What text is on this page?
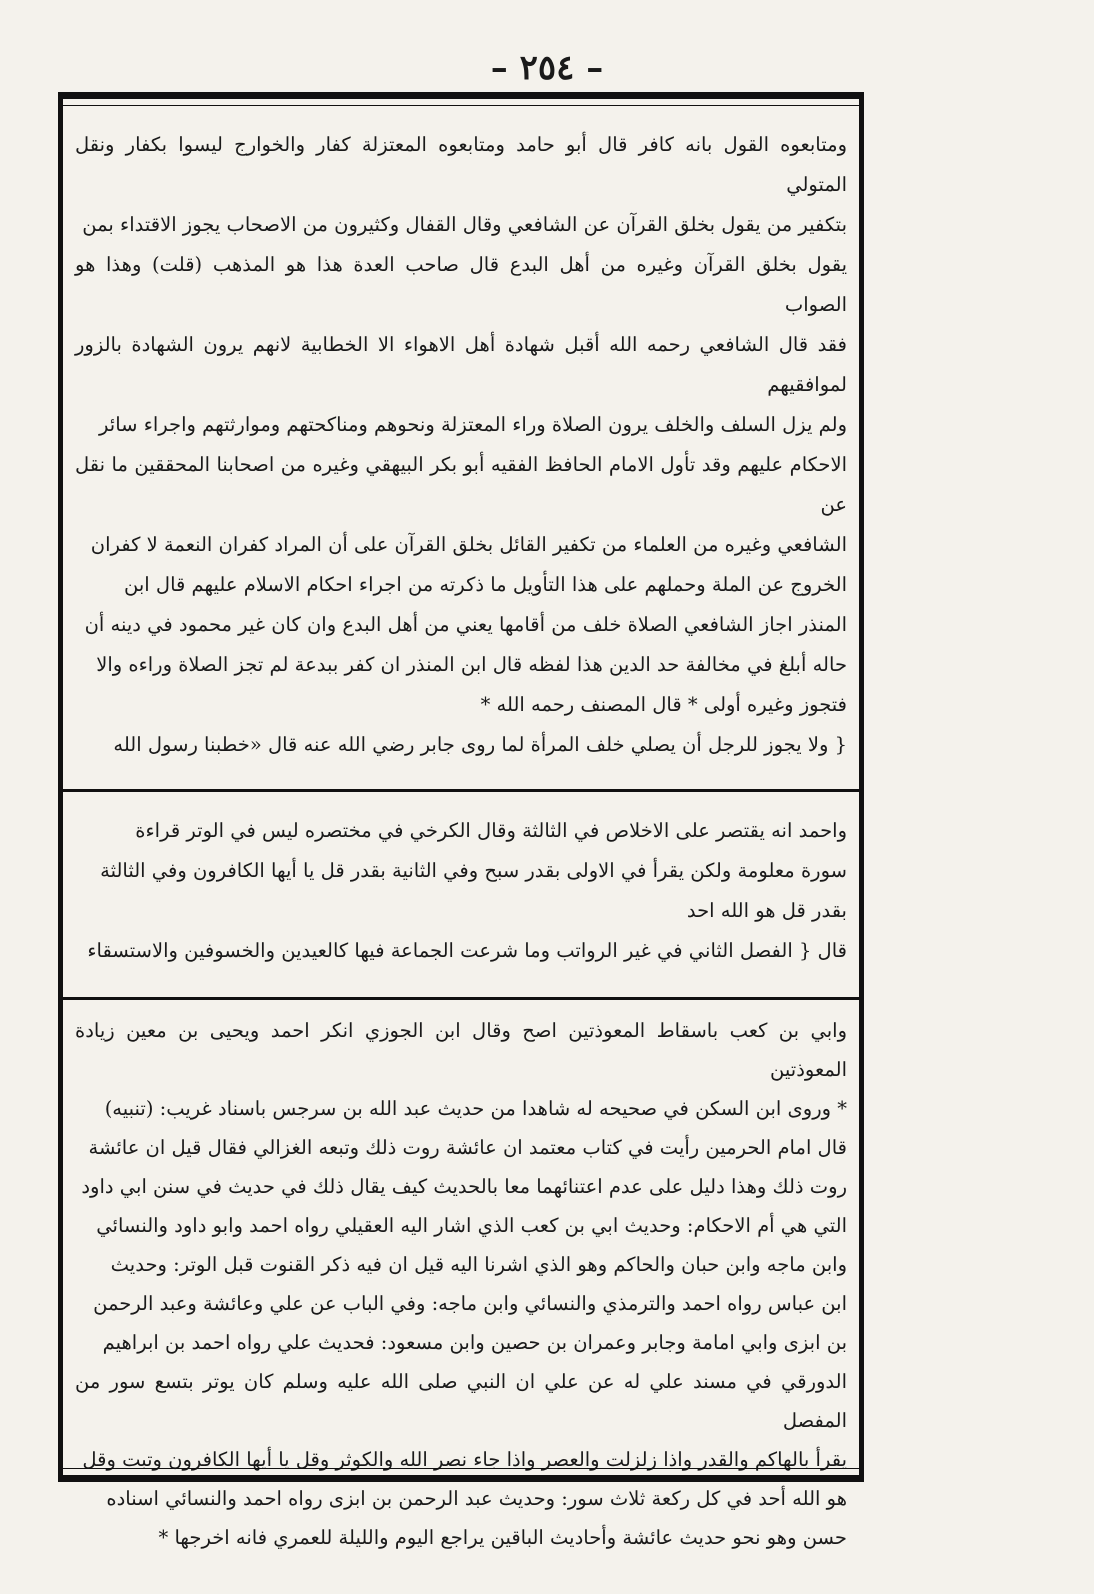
– ٢٥٤ –

ومتابعوه القول بانه كافر قال أبو حامد ومتابعوه المعتزلة كفار والخوارج ليسوا بكفار ونقل المتولي

بتكفير من يقول بخلق القرآن عن الشافعي وقال القفال وكثيرون من الاصحاب يجوز الاقتداء بمن

يقول بخلق القرآن وغيره من أهل البدع قال صاحب العدة هذا هو المذهب (قلت) وهذا هو الصواب

فقد قال الشافعي رحمه الله أقبل شهادة أهل الاهواء الا الخطابية لانهم يرون الشهادة بالزور لموافقيهم

ولم يزل السلف والخلف يرون الصلاة وراء المعتزلة ونحوهم ومناكحتهم وموارثتهم واجراء سائر

الاحكام عليهم وقد تأول الامام الحافظ الفقيه أبو بكر البيهقي وغيره من اصحابنا المحققين ما نقل عن

الشافعي وغيره من العلماء من تكفير القائل بخلق القرآن على أن المراد كفران النعمة لا كفران

الخروج عن الملة وحملهم على هذا التأويل ما ذكرته من اجراء احكام الاسلام عليهم قال ابن

المنذر اجاز الشافعي الصلاة خلف من أقامها يعني من أهل البدع وان كان غير محمود في دينه أن

حاله أبلغ في مخالفة حد الدين هذا لفظه قال ابن المنذر ان كفر ببدعة لم تجز الصلاة وراءه والا

فتجوز وغيره أولى * قال المصنف رحمه الله *

{ ولا يجوز للرجل أن يصلي خلف المرأة لما روى جابر رضي الله عنه قال «خطبنا رسول الله

واحمد انه يقتصر على الاخلاص في الثالثة وقال الكرخي في مختصره ليس في الوتر قراءة

سورة معلومة ولكن يقرأ في الاولى بقدر سبح وفي الثانية بقدر قل يا أيها الكافرون وفي الثالثة

بقدر قل هو الله احد

قال { الفصل الثاني في غير الرواتب وما شرعت الجماعة فيها كالعيدين والخسوفين والاستسقاء

وابي بن كعب باسقاط المعوذتين اصح وقال ابن الجوزي انكر احمد ويحيى بن معين زيادة المعوذتين

* وروى ابن السكن في صحيحه له شاهدا من حديث عبد الله بن سرجس باسناد غريب: (تنبيه)

قال امام الحرمين رأيت في كتاب معتمد ان عائشة روت ذلك وتبعه الغزالي فقال قيل ان عائشة

روت ذلك وهذا دليل على عدم اعتنائهما معا بالحديث كيف يقال ذلك في حديث في سنن ابي داود

التي هي أم الاحكام: وحديث ابي بن كعب الذي اشار اليه العقيلي رواه احمد وابو داود والنسائي

وابن ماجه وابن حبان والحاكم وهو الذي اشرنا اليه قيل ان فيه ذكر القنوت قبل الوتر: وحديث

ابن عباس رواه احمد والترمذي والنسائي وابن ماجه: وفي الباب عن علي وعائشة وعبد الرحمن

بن ابزى وابي امامة وجابر وعمران بن حصين وابن مسعود: فحديث علي رواه احمد بن ابراهيم

الدورقي في مسند علي له عن علي ان النبي صلى الله عليه وسلم كان يوتر بتسع سور من المفصل

يقرأ بالهاكم والقدر واذا زلزلت والعصر واذا جاء نصر الله والكوثر وقل يا أيها الكافرون وتبت وقل

هو الله أحد في كل ركعة ثلاث سور: وحديث عبد الرحمن بن ابزى رواه احمد والنسائي اسناده

حسن وهو نحو حديث عائشة وأحاديث الباقين يراجع اليوم والليلة للعمري فانه اخرجها *
